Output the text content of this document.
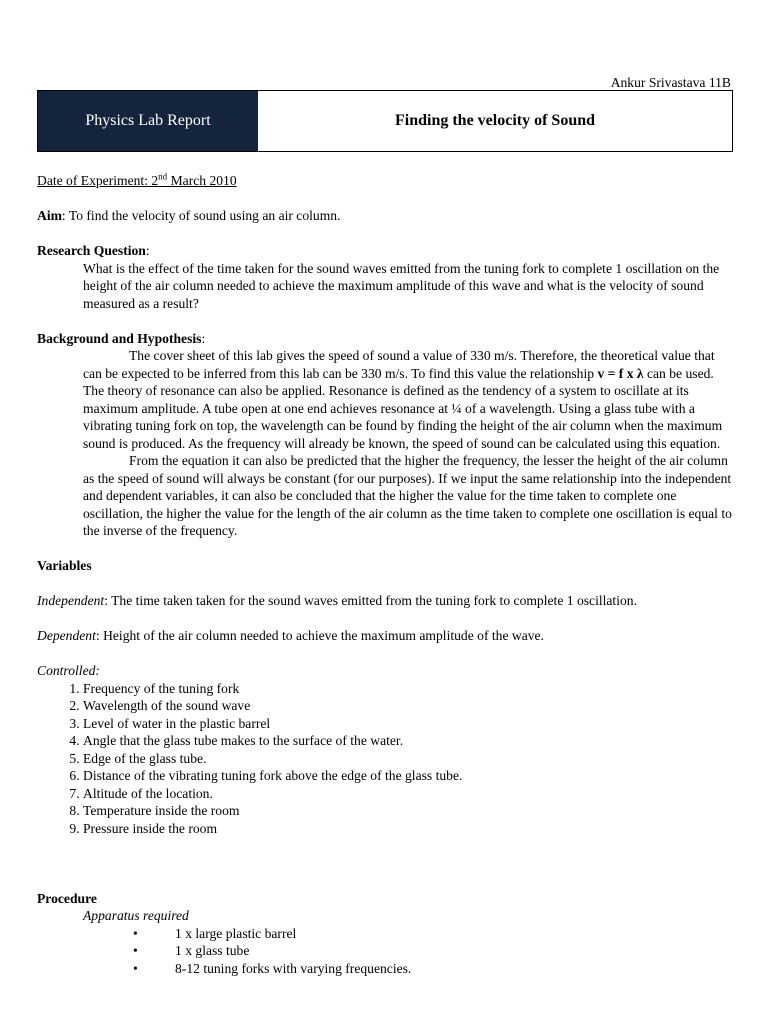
Ankur Srivastava 11B
Physics Lab Report	Finding the velocity of Sound

Date of Experiment: 2nd March 2010

Aim: To find the velocity of sound using an air column.

Research Question:

What is the effect of the time taken for the sound waves emitted from the tuning fork to complete 1 oscillation on the height of the air column needed to achieve the maximum amplitude of this wave and what is the velocity of sound measured as a result?

Background and Hypothesis:

The cover sheet of this lab gives the speed of sound a value of 330 m/s. Therefore, the theoretical value that can be expected to be inferred from this lab can be 330 m/s. To find this value the relationship v = f x λ can be used. The theory of resonance can also be applied. Resonance is defined as the tendency of a system to oscillate at its maximum amplitude. A tube open at one end achieves resonance at ¼ of a wavelength. Using a glass tube with a vibrating tuning fork on top, the wavelength can be found by finding the height of the air column when the maximum sound is produced. As the frequency will already be known, the speed of sound can be calculated using this equation.

From the equation it can also be predicted that the higher the frequency, the lesser the height of the air column as the speed of sound will always be constant (for our purposes). If we input the same relationship into the independent and dependent variables, it can also be concluded that the higher the value for the time taken to complete one oscillation, the higher the value for the length of the air column as the time taken to complete one oscillation is equal to the inverse of the frequency.

Variables

Independent: The time taken taken for the sound waves emitted from the tuning fork to complete 1 oscillation.

Dependent: Height of the air column needed to achieve the maximum amplitude of the wave.

Controlled:

1. Frequency of the tuning fork
2. Wavelength of the sound wave
3. Level of water in the plastic barrel
4. Angle that the glass tube makes to the surface of the water.
5. Edge of the glass tube.
6. Distance of the vibrating tuning fork above the edge of the glass tube.
7. Altitude of the location.
8. Temperature inside the room
9. Pressure inside the room

Procedure

Apparatus required

•	1 x large plastic barrel
•	1 x glass tube
•	8-12 tuning forks with varying frequencies.
